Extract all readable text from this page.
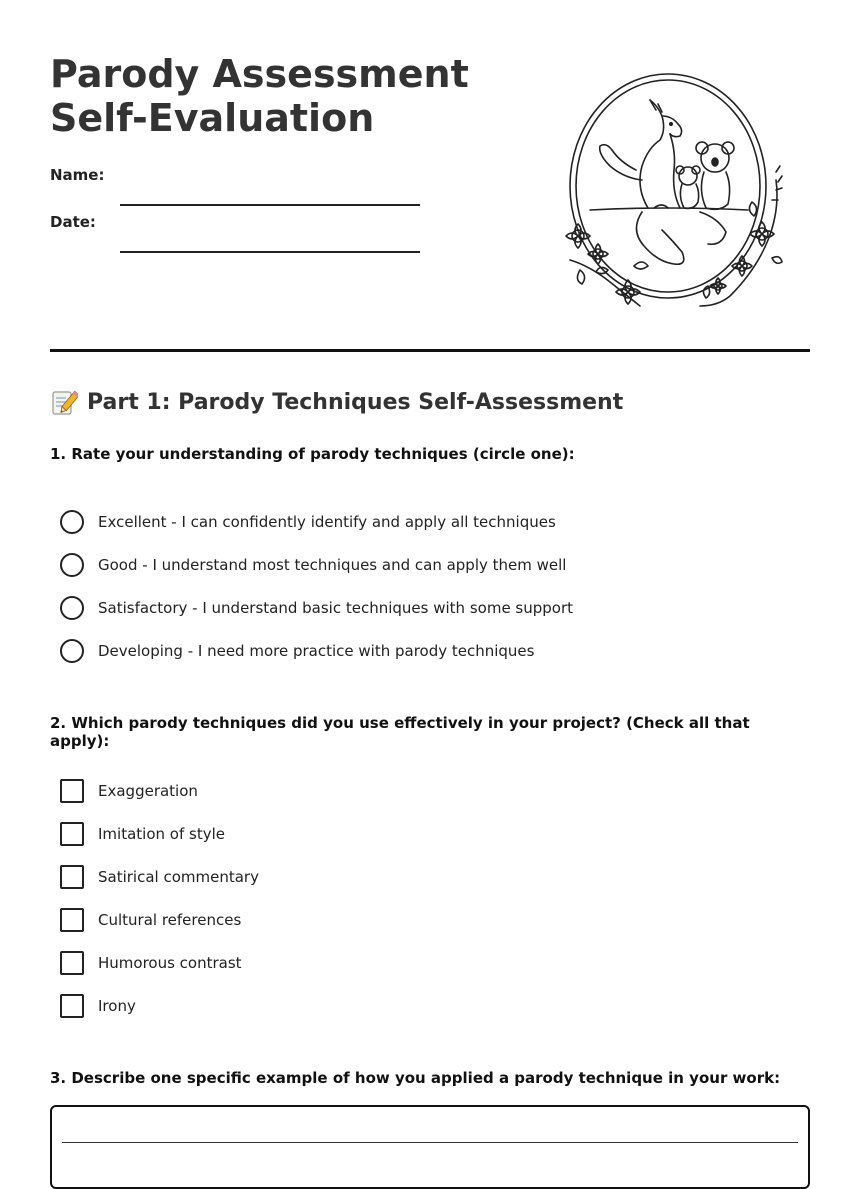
Parody Assessment Self-Evaluation
Name:
Date:
Part 1: Parody Techniques Self-Assessment
1. Rate your understanding of parody techniques (circle one):
Excellent - I can confidently identify and apply all techniques
Good - I understand most techniques and can apply them well
Satisfactory - I understand basic techniques with some support
Developing - I need more practice with parody techniques
2. Which parody techniques did you use effectively in your project? (Check all that apply):
Exaggeration
Imitation of style
Satirical commentary
Cultural references
Humorous contrast
Irony
3. Describe one specific example of how you applied a parody technique in your work:
